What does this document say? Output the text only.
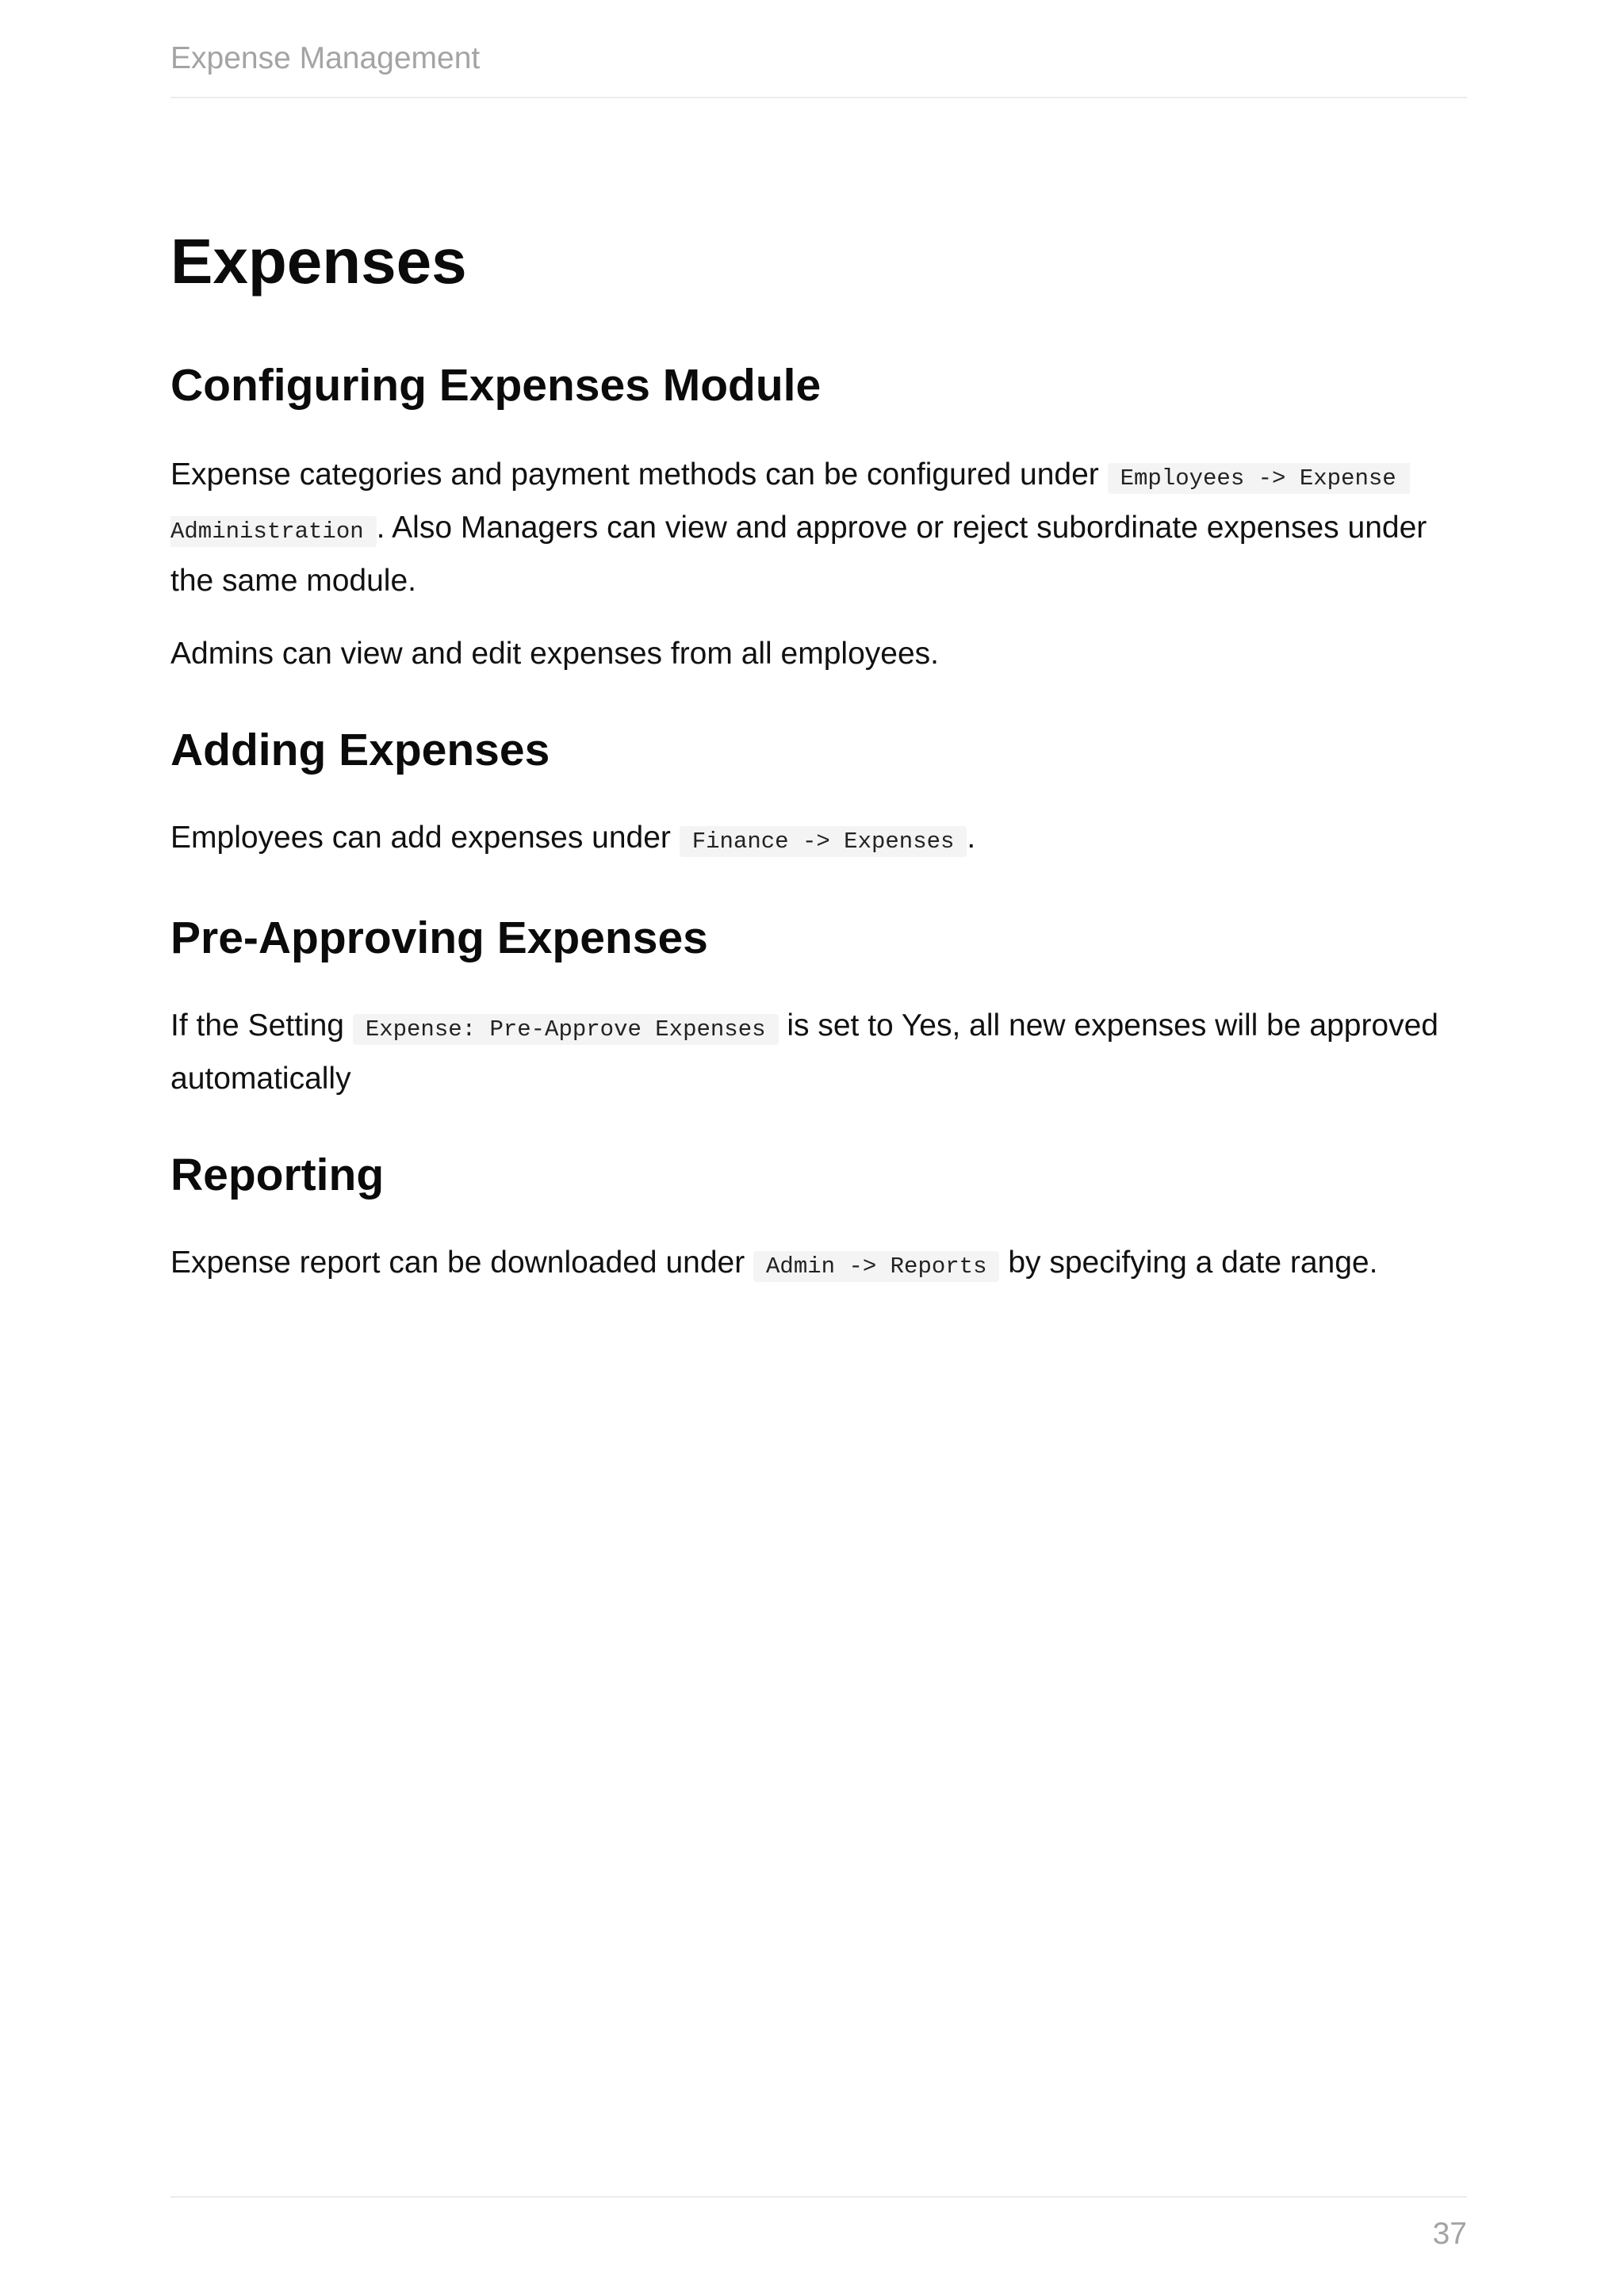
Expense Management
Expenses
Configuring Expenses Module

Expense categories and payment methods can be configured under Employees -> Expense Administration . Also Managers can view and approve or reject subordinate expenses under the same module.

Admins can view and edit expenses from all employees.

Adding Expenses

Employees can add expenses under Finance -> Expenses .

Pre-Approving Expenses

If the Setting Expense: Pre-Approve Expenses is set to Yes, all new expenses will be approved automatically

Reporting

Expense report can be downloaded under Admin -> Reports by specifying a date range.

37
